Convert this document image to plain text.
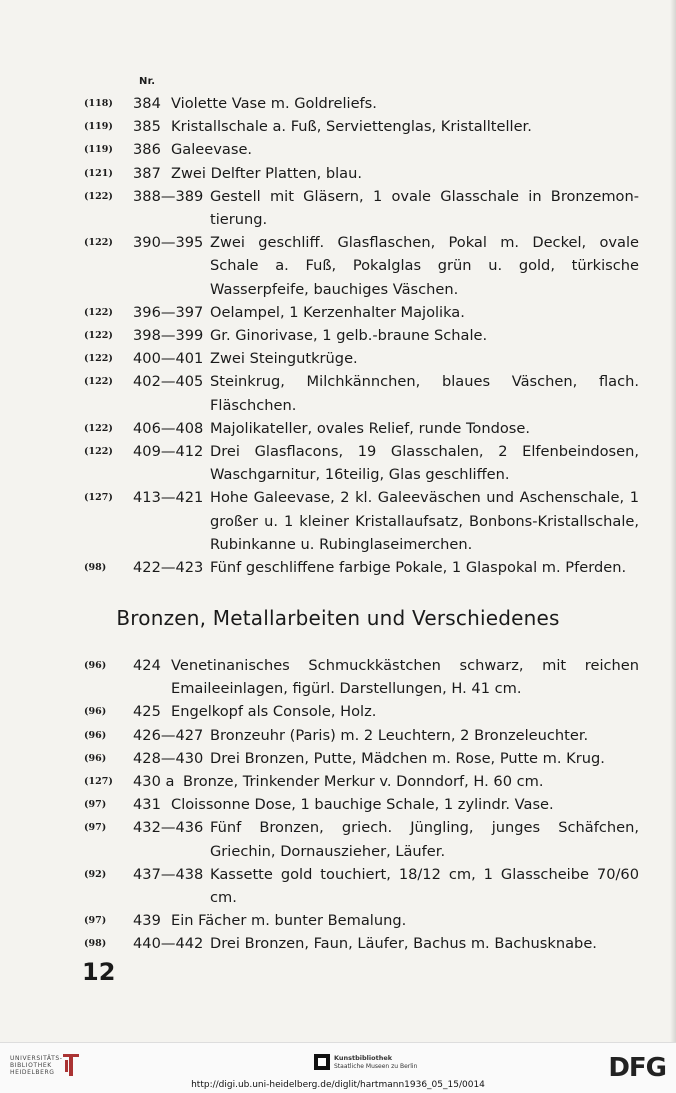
Nr.
(118) 384 Violette Vase m. Goldreliefs.
(119) 385 Kristallschale a. Fuß, Serviettenglas, Kristallteller.
(119) 386 Galeevase.
(121) 387 Zwei Delfter Platten, blau.
(122) 388—389 Gestell mit Gläsern, 1 ovale Glasschale in Bronzemontierung.
(122) 390—395 Zwei geschliff. Glasflaschen, Pokal m. Deckel, ovale Schale a. Fuß, Pokalglas grün u. gold, türkische Wasserpfeife, bauchiges Väschen.
(122) 396—397 Oelampel, 1 Kerzenhalter Majolika.
(122) 398—399 Gr. Ginorivase, 1 gelb.-braune Schale.
(122) 400—401 Zwei Steingutkrüge.
(122) 402—405 Steinkrug, Milchkännchen, blaues Väschen, flach. Fläschchen.
(122) 406—408 Majolikateller, ovales Relief, runde Tondose.
(122) 409—412 Drei Glasflacons, 19 Glasschalen, 2 Elfenbeindosen, Waschgarnitur, 16teilig, Glas geschliffen.
(127) 413—421 Hohe Galeevase, 2 kl. Galeeväschen und Aschenschale, 1 großer u. 1 kleiner Kristallaufsatz, Bonbons-Kristallschale, Rubinkanne u. Rubinglaseimerchen.
(98) 422—423 Fünf geschliffene farbige Pokale, 1 Glaspokal m. Pferden.
Bronzen, Metallarbeiten und Verschiedenes
(96) 424 Venetinanisches Schmuckkästchen schwarz, mit reichen Emaileeinlagen, figürl. Darstellungen, H. 41 cm.
(96) 425 Engelkopf als Console, Holz.
(96) 426—427 Bronzeuhr (Paris) m. 2 Leuchtern, 2 Bronzeleuchter.
(96) 428—430 Drei Bronzen, Putte, Mädchen m. Rose, Putte m. Krug.
(127) 430 a Bronze, Trinkender Merkur v. Donndorf, H. 60 cm.
(97) 431 Cloissonne Dose, 1 bauchige Schale, 1 zylindr. Vase.
(97) 432—436 Fünf Bronzen, griech. Jüngling, junges Schäfchen, Griechin, Dornauszieher, Läufer.
(92) 437—438 Kassette gold touchiert, 18/12 cm, 1 Glasscheibe 70/60 cm.
(97) 439 Ein Fächer m. bunter Bemalung.
(98) 440—442 Drei Bronzen, Faun, Läufer, Bachus m. Bachusknabe.
12
UNIVERSITÄTS-
BIBLIOTHEK
HEIDELBERG
Kunstbibliothek
Staatliche Museen zu Berlin	DFG
http://digi.ub.uni-heidelberg.de/diglit/hartmann1936_05_15/0014
